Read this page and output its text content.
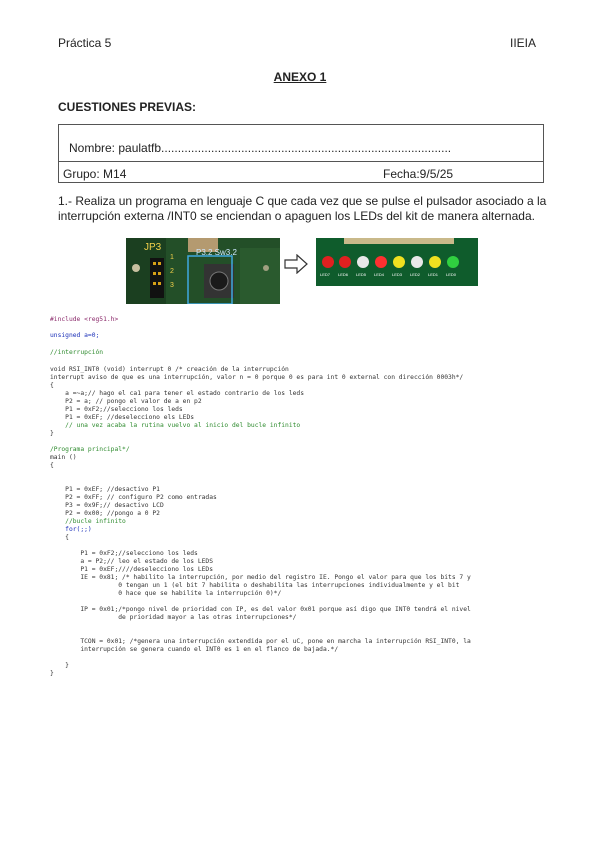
Práctica 5	IIEIA
ANEXO 1
CUESTIONES PREVIAS:
Nombre: paulatfb.......................................................................................
Grupo: M14	Fecha:9/5/25
1.- Realiza un programa en lenguaje C que cada vez que se pulse el pulsador asociado a la interrupción externa /INT0 se enciendan o apaguen los LEDs del kit de manera alternada.
JP3	P3.2 Sw3.2
1
2
3
LED7 LED6 LED5 LED4 LED3 LED2 LED1 LED0
#include <reg51.h>
unsigned a=0;
//interrupción
void RSI_INT0 (void) interrupt 0 /* creación de la interrupción
interrupt aviso de que es una interrupción, valor n = 0 porque 0 es para int 0 external con dirección 0003h*/
{
a =~a;// hago el ca1 para tener el estado contrario de los leds
P2 = a; // pongo el valor de a en p2
P1 = 0xF2;//selecciono los leds
P1 = 0xEF; //deselecciono els LEDs
// una vez acaba la rutina vuelvo al inicio del bucle infinito
}
/Programa principal*/
main ()
{
P1 = 0xEF; //desactivo P1
P2 = 0xFF; // configuro P2 como entradas
P3 = 0x9F;// desactivo LCD
P2 = 0x00; //pongo a 0 P2
//bucle infinito
for(;;)
{
P1 = 0xF2;//selecciono los leds
a = P2;// leo el estado de los LEDS
P1 = 0xEF;////deselecciono los LEDs
IE = 0x81; /* habilito la interrupción, por medio del registro IE. Pongo el valor para que los bits 7 y
0 tengan un 1 (el bit 7 habilita o deshabilita las interrupciones individualmente y el bit
0 hace que se habilite la interrupción 0)*/
IP = 0x01;/*pongo nivel de prioridad con IP, es del valor 0x01 porque así digo que INT0 tendrá el nivel
de prioridad mayor a las otras interrupciones*/
TCON = 0x01; /*genera una interrupción extendida por el uC, pone en marcha la interrupción RSI_INT0, la
interrupción se genera cuando el INT0 es 1 en el flanco de bajada.*/
}
}
